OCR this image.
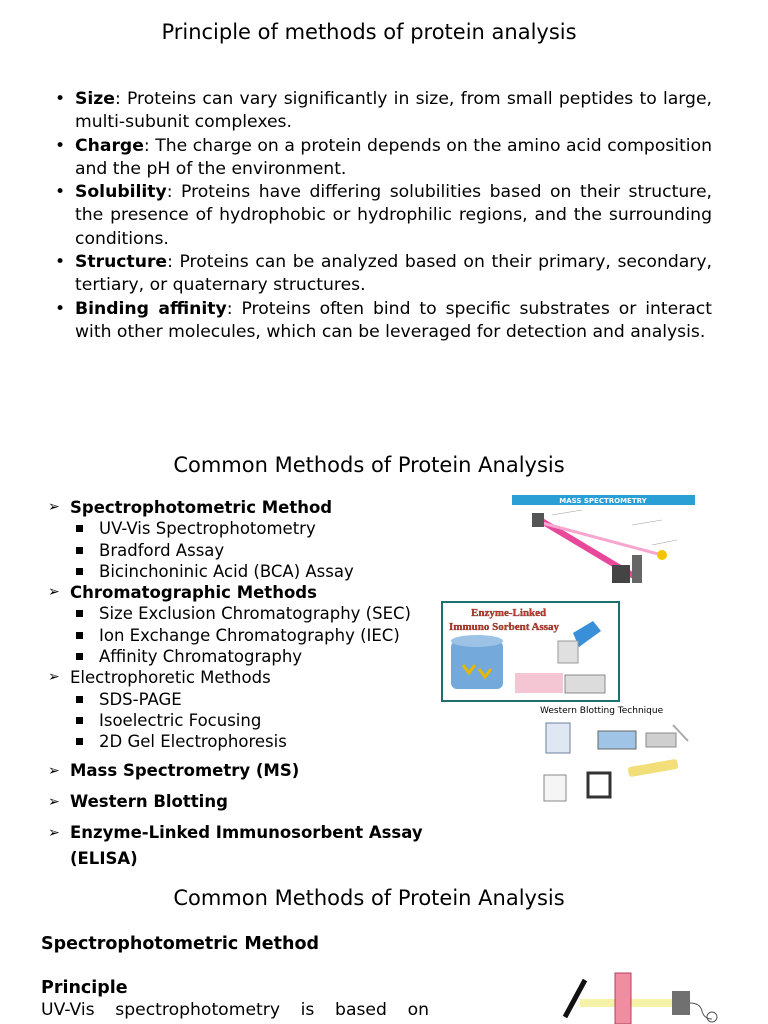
Principle of methods of protein analysis
• Size: Proteins can vary significantly in size, from small peptides to large, multi-subunit complexes.
• Charge: The charge on a protein depends on the amino acid composition and the pH of the environment.
• Solubility: Proteins have differing solubilities based on their structure, the presence of hydrophobic or hydrophilic regions, and the surrounding conditions.
• Structure: Proteins can be analyzed based on their primary, secondary, tertiary, or quaternary structures.
• Binding affinity: Proteins often bind to specific substrates or interact with other molecules, which can be leveraged for detection and analysis.
Common Methods of Protein Analysis
➢ Spectrophotometric Method
UV-Vis Spectrophotometry
Bradford Assay
Bicinchoninic Acid (BCA) Assay
➢ Chromatographic Methods
Size Exclusion Chromatography (SEC)
Ion Exchange Chromatography (IEC)
Affinity Chromatography
➢ Electrophoretic Methods
SDS-PAGE
Isoelectric Focusing
2D Gel Electrophoresis
➢ Mass Spectrometry (MS)
➢ Western Blotting
➢ Enzyme-Linked Immunosorbent Assay (ELISA)
MASS SPECTROMETRY
Enzyme-Linked
Immuno Sorbent Assay
Western Blotting Technique
Common Methods of Protein Analysis

Spectrophotometric Method

Principle

UV-Vis spectrophotometry is based on
